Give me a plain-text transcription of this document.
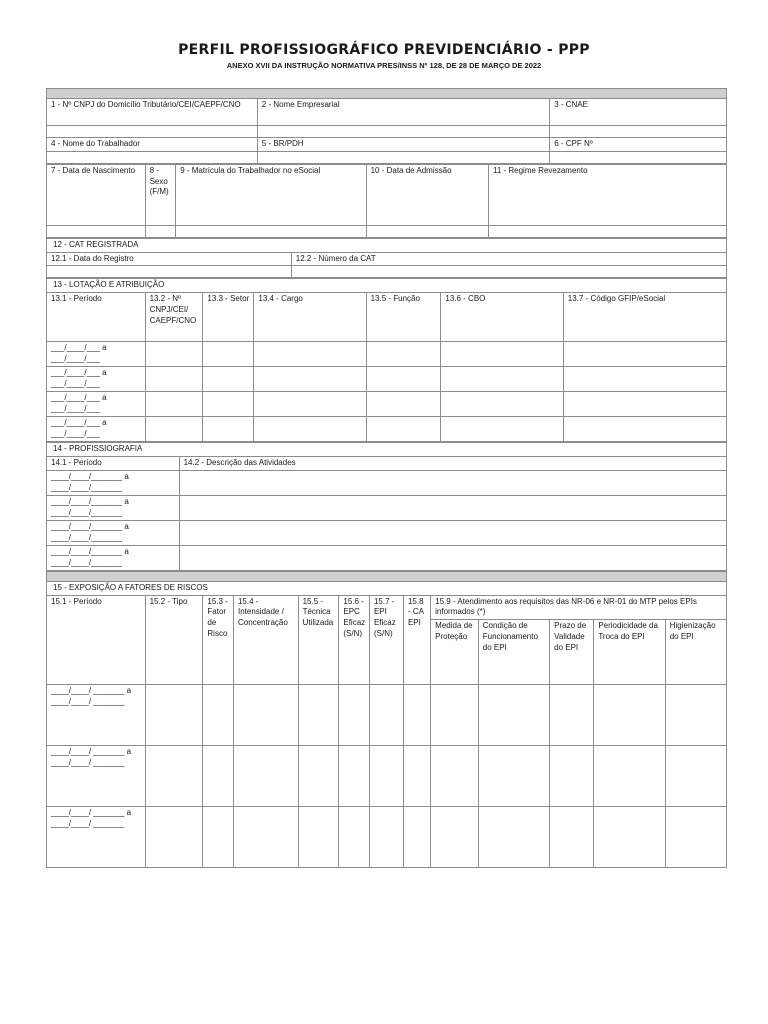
PERFIL PROFISSIOGRÁFICO PREVIDENCIÁRIO - PPP
ANEXO XVII DA INSTRUÇÃO NORMATIVA PRES/INSS Nº 128, DE 28 DE MARÇO DE 2022

1 - Nº CNPJ do Domicílio Tributário/CEI/CAEPF/CNO	2 - Nome Empresarial	3 - CNAE

4 - Nome do Trabalhador	5 - BR/PDH	6 - CPF Nº

7 - Data de Nascimento	8 - Sexo (F/M)	9 - Matrícula do Trabalhador no eSocial	10 - Data de Admissão	11 - Regime Revezamento

12 - CAT REGISTRADA	
12.1 - Data do Registro	12.2 - Número da CAT

13 - LOTAÇÃO E ATRIBUIÇÃO						
13.1 - Período	13.2 - Nº CNPJ/CEI/ CAEPF/CNO	13.3 - Setor	13.4 - Cargo	13.5 - Função	13.6 - CBO	13.7 - Código GFIP/eSocial
___/____/___ a ___/____/___						
___/____/___ a ___/____/___						
___/____/___ a ___/____/___						
___/____/___ a ___/____/___						
14 - PROFISSIOGRAFIA	
14.1 - Período	14.2 - Descrição das Atividades
____/____/_______ a ____/____/_______	
____/____/_______ a ____/____/_______	
____/____/_______ a ____/____/_______	
____/____/_______ a ____/____/_______	

15 - EXPOSIÇÃO A FATORES DE RISCOS												
15.1 - Período	15.2 - Tipo	15.3 - Fator de Risco	15.4 - Intensidade / Concentração	15.5 - Técnica Utilizada	15.6 - EPC Eficaz (S/N)	15.7 - EPI Eficaz (S/N)	15.8 - CA EPI	15.9 - Atendimento aos requisitos das NR-06 e NR-01 do MTP pelos EPIs informados (*)				
								Medida de Proteção	Condição de Funcionamento do EPI	Prazo de Validade do EPI	Periodicidade da Troca do EPI	Higienização do EPI
____/____/ _______ a ____/____/ _______												
____/____/ _______ a ____/____/ _______												
____/____/ _______ a ____/____/ _______												
